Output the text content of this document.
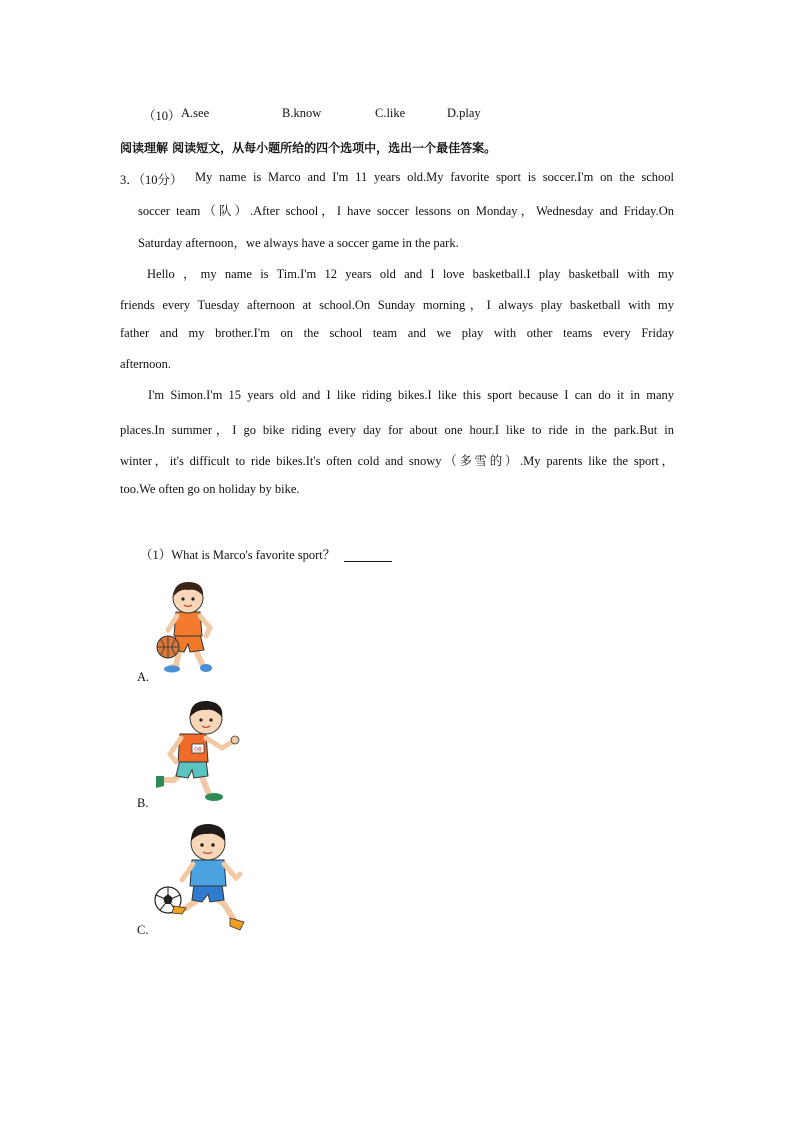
（10） A.see	B.know	C.like	D.play
阅读理解 阅读短文，从每小题所给的四个选项中，选出一个最佳答案。
3．（10分） My name is Marco and I'm 11 years old.My favorite sport is soccer.I'm on the school
soccer team（队）.After school，I have soccer lessons on Monday，Wednesday and Friday.On
Saturday afternoon，we always have a soccer game in the park.
Hello ，my name is Tim.I'm 12 years old and I love basketball.I play basketball with my
friends every Tuesday afternoon at school.On Sunday morning，I always play basketball with my
father and my brother.I'm on the school team and we play with other teams every Friday
afternoon.
I'm Simon.I'm 15 years old and I like riding bikes.I like this sport because I can do it in many
places.In summer，I go bike riding every day for about one hour.I like to ride in the park.But in
winter，it's difficult to ride bikes.It's often cold and snowy（多雪的）.My parents like the sport，
too.We often go on holiday by bike.
（1）What is Marco's favorite sport？
A.
B.
08
C.
